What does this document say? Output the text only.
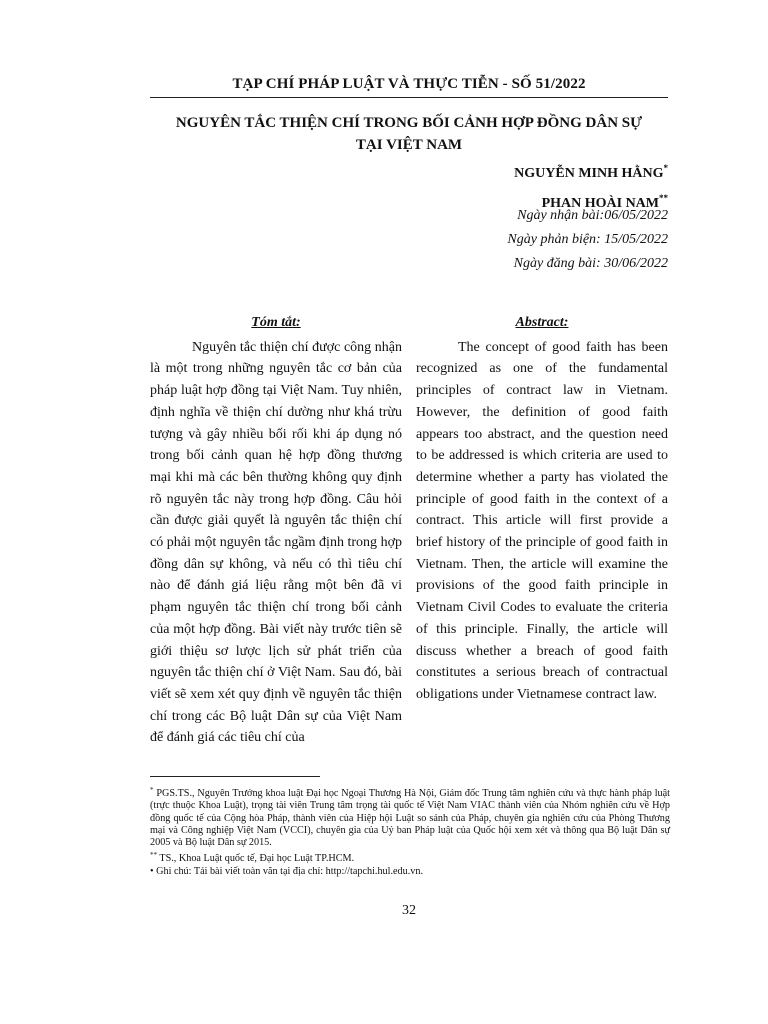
TẠP CHÍ PHÁP LUẬT VÀ THỰC TIỄN - SỐ 51/2022
NGUYÊN TẮC THIỆN CHÍ TRONG BỐI CẢNH HỢP ĐỒNG DÂN SỰ
TẠI VIỆT NAM
NGUYỄN MINH HẰNG*
PHAN HOÀI NAM**
Ngày nhận bài:06/05/2022
Ngày phản biện: 15/05/2022
Ngày đăng bài: 30/06/2022
Tóm tắt:

Nguyên tắc thiện chí được công nhận là một trong những nguyên tắc cơ bản của pháp luật hợp đồng tại Việt Nam. Tuy nhiên, định nghĩa về thiện chí dường như khá trừu tượng và gây nhiều bối rối khi áp dụng nó trong bối cảnh quan hệ hợp đồng thương mại khi mà các bên thường không quy định rõ nguyên tắc này trong hợp đồng. Câu hỏi cần được giải quyết là nguyên tắc thiện chí có phải một nguyên tắc ngầm định trong hợp đồng dân sự không, và nếu có thì tiêu chí nào để đánh giá liệu rằng một bên đã vi phạm nguyên tắc thiện chí trong bối cảnh của một hợp đồng. Bài viết này trước tiên sẽ giới thiệu sơ lược lịch sử phát triển của nguyên tắc thiện chí ở Việt Nam. Sau đó, bài viết sẽ xem xét quy định về nguyên tắc thiện chí trong các Bộ luật Dân sự của Việt Nam để đánh giá các tiêu chí của

Abstract:

The concept of good faith has been recognized as one of the fundamental principles of contract law in Vietnam. However, the definition of good faith appears too abstract, and the question need to be addressed is which criteria are used to determine whether a party has violated the principle of good faith in the context of a contract. This article will first provide a brief history of the principle of good faith in Vietnam. Then, the article will examine the provisions of the good faith principle in Vietnam Civil Codes to evaluate the criteria of this principle. Finally, the article will discuss whether a breach of good faith constitutes a serious breach of contractual obligations under Vietnamese contract law.

* PGS.TS., Nguyên Trưởng khoa luật Đại học Ngoại Thương Hà Nội, Giám đốc Trung tâm nghiên cứu và thực hành pháp luật (trực thuộc Khoa Luật), trọng tài viên Trung tâm trọng tài quốc tế Việt Nam VIAC thành viên của Nhóm nghiên cứu về Hợp đồng quốc tế của Cộng hòa Pháp, thành viên của Hiệp hội Luật so sánh của Pháp, chuyên gia nghiên cứu của Phòng Thương mại và Công nghiệp Việt Nam (VCCI), chuyên gia của Uỷ ban Pháp luật của Quốc hội xem xét và thông qua Bộ luật Dân sự 2005 và Bộ luật Dân sự 2015.
** TS., Khoa Luật quốc tế, Đại học Luật TP.HCM.
• Ghi chú: Tải bài viết toàn văn tại địa chỉ: http://tapchi.hul.edu.vn.
32
